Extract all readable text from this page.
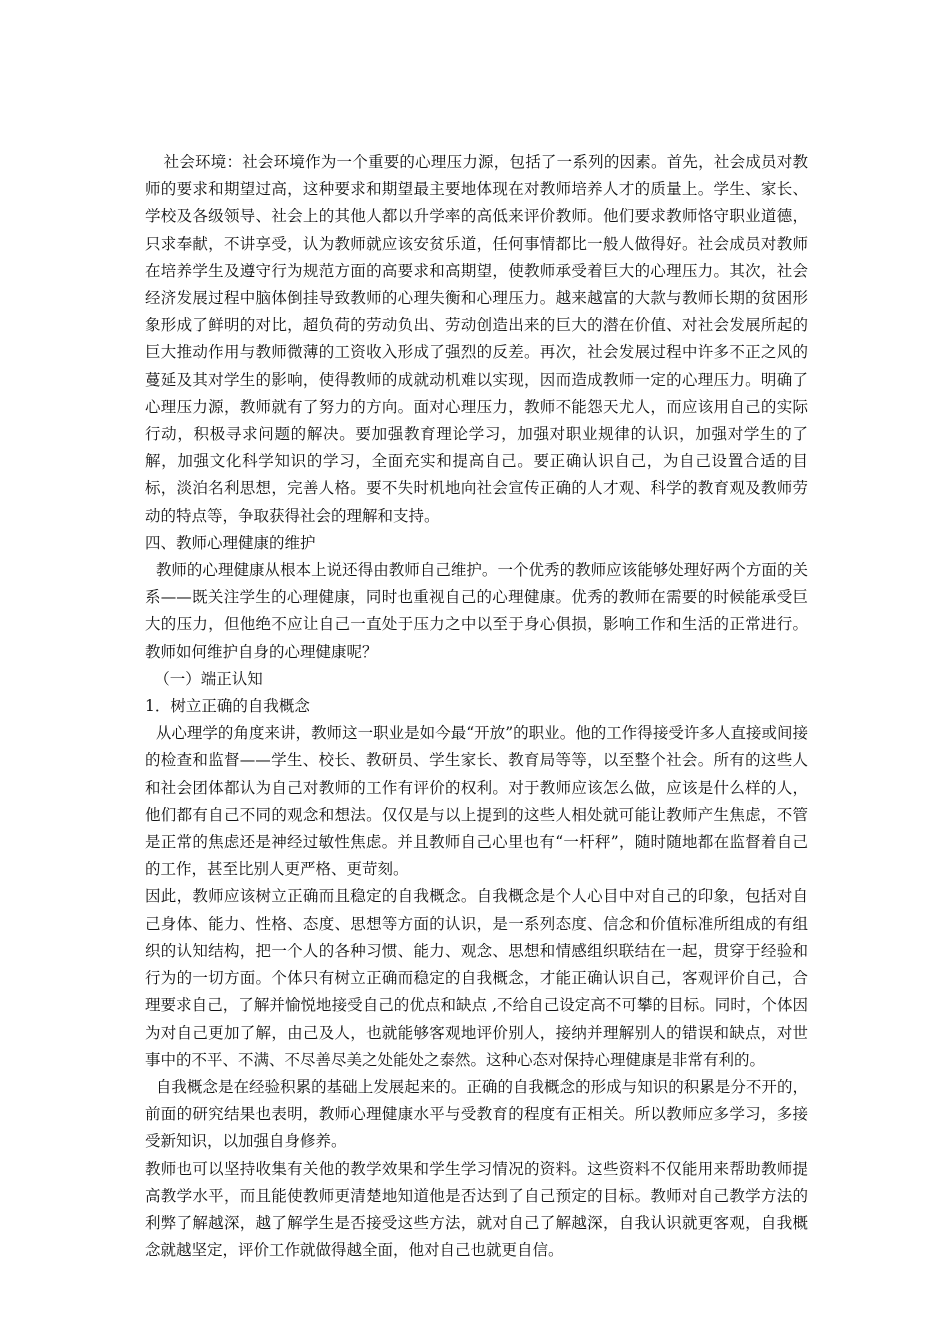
社会环境：社会环境作为一个重要的心理压力源，包括了一系列的因素。首先，社会成员对教师的要求和期望过高，这种要求和期望最主要地体现在对教师培养人才的质量上。学生、家长、学校及各级领导、社会上的其他人都以升学率的高低来评价教师。他们要求教师恪守职业道德，只求奉献，不讲享受，认为教师就应该安贫乐道，任何事情都比一般人做得好。社会成员对教师在培养学生及遵守行为规范方面的高要求和高期望，使教师承受着巨大的心理压力。其次，社会经济发展过程中脑体倒挂导致教师的心理失衡和心理压力。越来越富的大款与教师长期的贫困形象形成了鲜明的对比，超负荷的劳动负出、劳动创造出来的巨大的潜在价值、对社会发展所起的巨大推动作用与教师微薄的工资收入形成了强烈的反差。再次，社会发展过程中许多不正之风的蔓延及其对学生的影响，使得教师的成就动机难以实现，因而造成教师一定的心理压力。明确了心理压力源，教师就有了努力的方向。面对心理压力，教师不能怨天尤人，而应该用自己的实际行动，积极寻求问题的解决。要加强教育理论学习，加强对职业规律的认识，加强对学生的了解，加强文化科学知识的学习，全面充实和提高自己。要正确认识自己，为自己设置合适的目标，淡泊名利思想，完善人格。要不失时机地向社会宣传正确的人才观、科学的教育观及教师劳动的特点等，争取获得社会的理解和支持。

四、教师心理健康的维护

教师的心理健康从根本上说还得由教师自己维护。一个优秀的教师应该能够处理好两个方面的关系——既关注学生的心理健康，同时也重视自己的心理健康。优秀的教师在需要的时候能承受巨大的压力，但他绝不应让自己一直处于压力之中以至于身心俱损，影响工作和生活的正常进行。教师如何维护自身的心理健康呢？

（一）端正认知

1．树立正确的自我概念

从心理学的角度来讲，教师这一职业是如今最“开放”的职业。他的工作得接受许多人直接或间接的检查和监督——学生、校长、教研员、学生家长、教育局等等，以至整个社会。所有的这些人和社会团体都认为自己对教师的工作有评价的权利。对于教师应该怎么做，应该是什么样的人，他们都有自己不同的观念和想法。仅仅是与以上提到的这些人相处就可能让教师产生焦虑，不管是正常的焦虑还是神经过敏性焦虑。并且教师自己心里也有“一杆秤”，随时随地都在监督着自己的工作，甚至比别人更严格、更苛刻。

因此，教师应该树立正确而且稳定的自我概念。自我概念是个人心目中对自己的印象，包括对自己身体、能力、性格、态度、思想等方面的认识，是一系列态度、信念和价值标准所组成的有组织的认知结构，把一个人的各种习惯、能力、观念、思想和情感组织联结在一起，贯穿于经验和行为的一切方面。个体只有树立正确而稳定的自我概念，才能正确认识自己，客观评价自己，合理要求自己，了解并愉悦地接受自己的优点和缺点 ,不给自己设定高不可攀的目标。同时，个体因为对自己更加了解，由己及人，也就能够客观地评价别人，接纳并理解别人的错误和缺点，对世事中的不平、不满、不尽善尽美之处能处之泰然。这种心态对保持心理健康是非常有利的。

自我概念是在经验积累的基础上发展起来的。正确的自我概念的形成与知识的积累是分不开的，前面的研究结果也表明，教师心理健康水平与受教育的程度有正相关。所以教师应多学习，多接受新知识，以加强自身修养。

教师也可以坚持收集有关他的教学效果和学生学习情况的资料。这些资料不仅能用来帮助教师提高教学水平，而且能使教师更清楚地知道他是否达到了自己预定的目标。教师对自己教学方法的利弊了解越深，越了解学生是否接受这些方法，就对自己了解越深，自我认识就更客观，自我概念就越坚定，评价工作就做得越全面，他对自己也就更自信。
